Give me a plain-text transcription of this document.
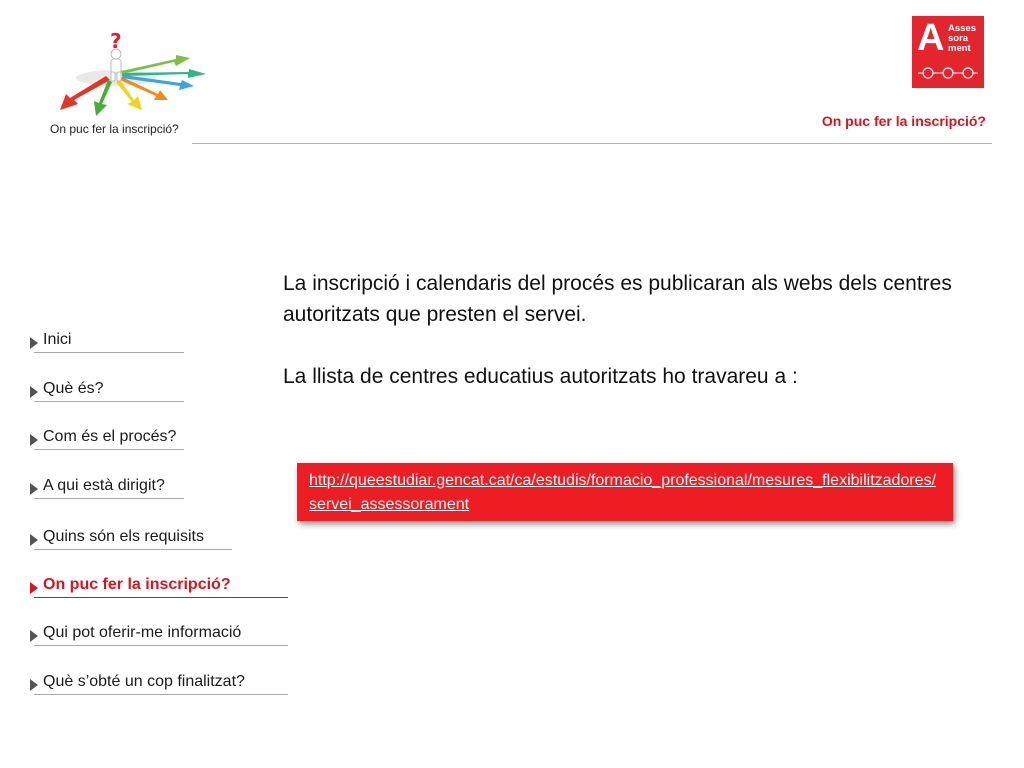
?
On puc fer la inscripció?
A Asses
sora
ment
On puc fer la inscripció?

La inscripció i calendaris del procés es publicaran als webs dels centres autoritzats que presten el servei.

La llista de centres educatius autoritzats ho travareu a :

http://queestudiar.gencat.cat/ca/estudis/formacio_professional/mesures_flexibilitzadores/servei_assessorament
Inici
Què és?
Com és el procés?
A qui està dirigit?
Quins són els requisits
On puc fer la inscripció?
Qui pot oferir-me informació
Què s’obté un cop finalitzat?
